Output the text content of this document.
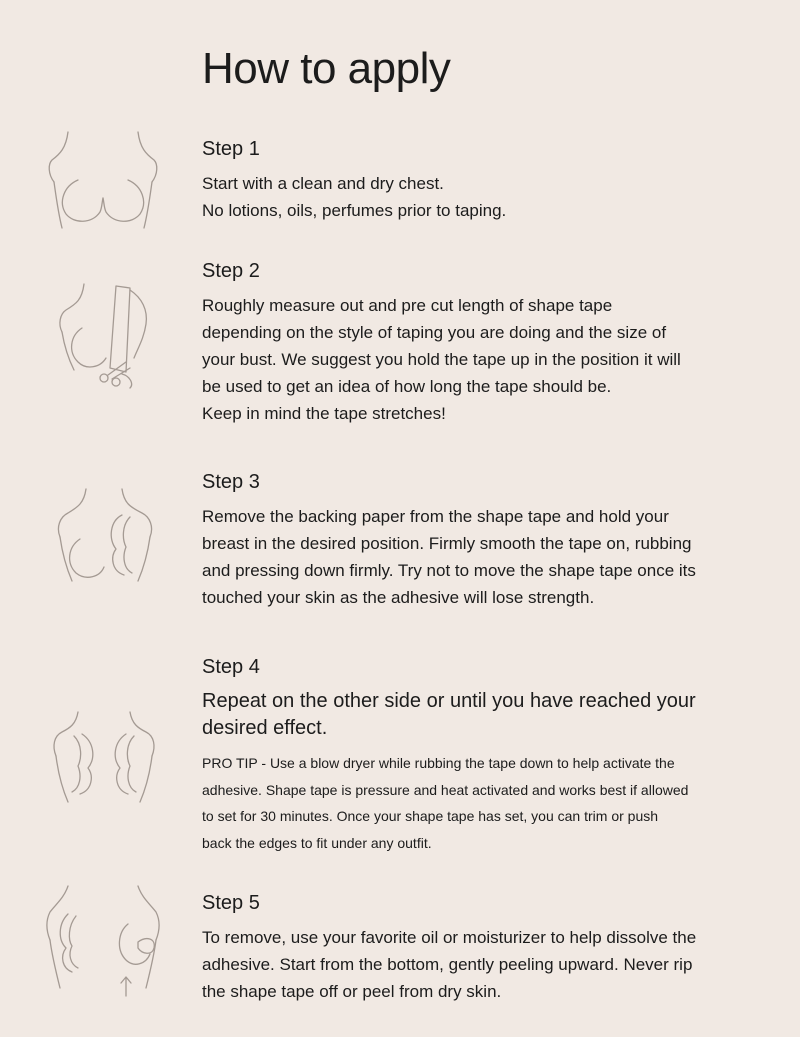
How to apply
Step 1

Start with a clean and dry chest.
No lotions, oils, perfumes prior to taping.

Step 2

Roughly measure out and pre cut length of shape tape
depending on the style of taping you are doing and the size of
your bust. We suggest you hold the tape up in the position it will
be used to get an idea of how long the tape should be.
Keep in mind the tape stretches!

Step 3

Remove the backing paper from the shape tape and hold your
breast in the desired position. Firmly smooth the tape on, rubbing
and pressing down firmly. Try not to move the shape tape once its
touched your skin as the adhesive will lose strength.

Step 4

Repeat on the other side or until you have reached your
desired effect.

PRO TIP - Use a blow dryer while rubbing the tape down to help activate the
adhesive. Shape tape is pressure and heat activated and works best if allowed
to set for 30 minutes. Once your shape tape has set, you can trim or push
back the edges to fit under any outfit.

Step 5

To remove, use your favorite oil or moisturizer to help dissolve the
adhesive. Start from the bottom, gently peeling upward. Never rip
the shape tape off or peel from dry skin.
